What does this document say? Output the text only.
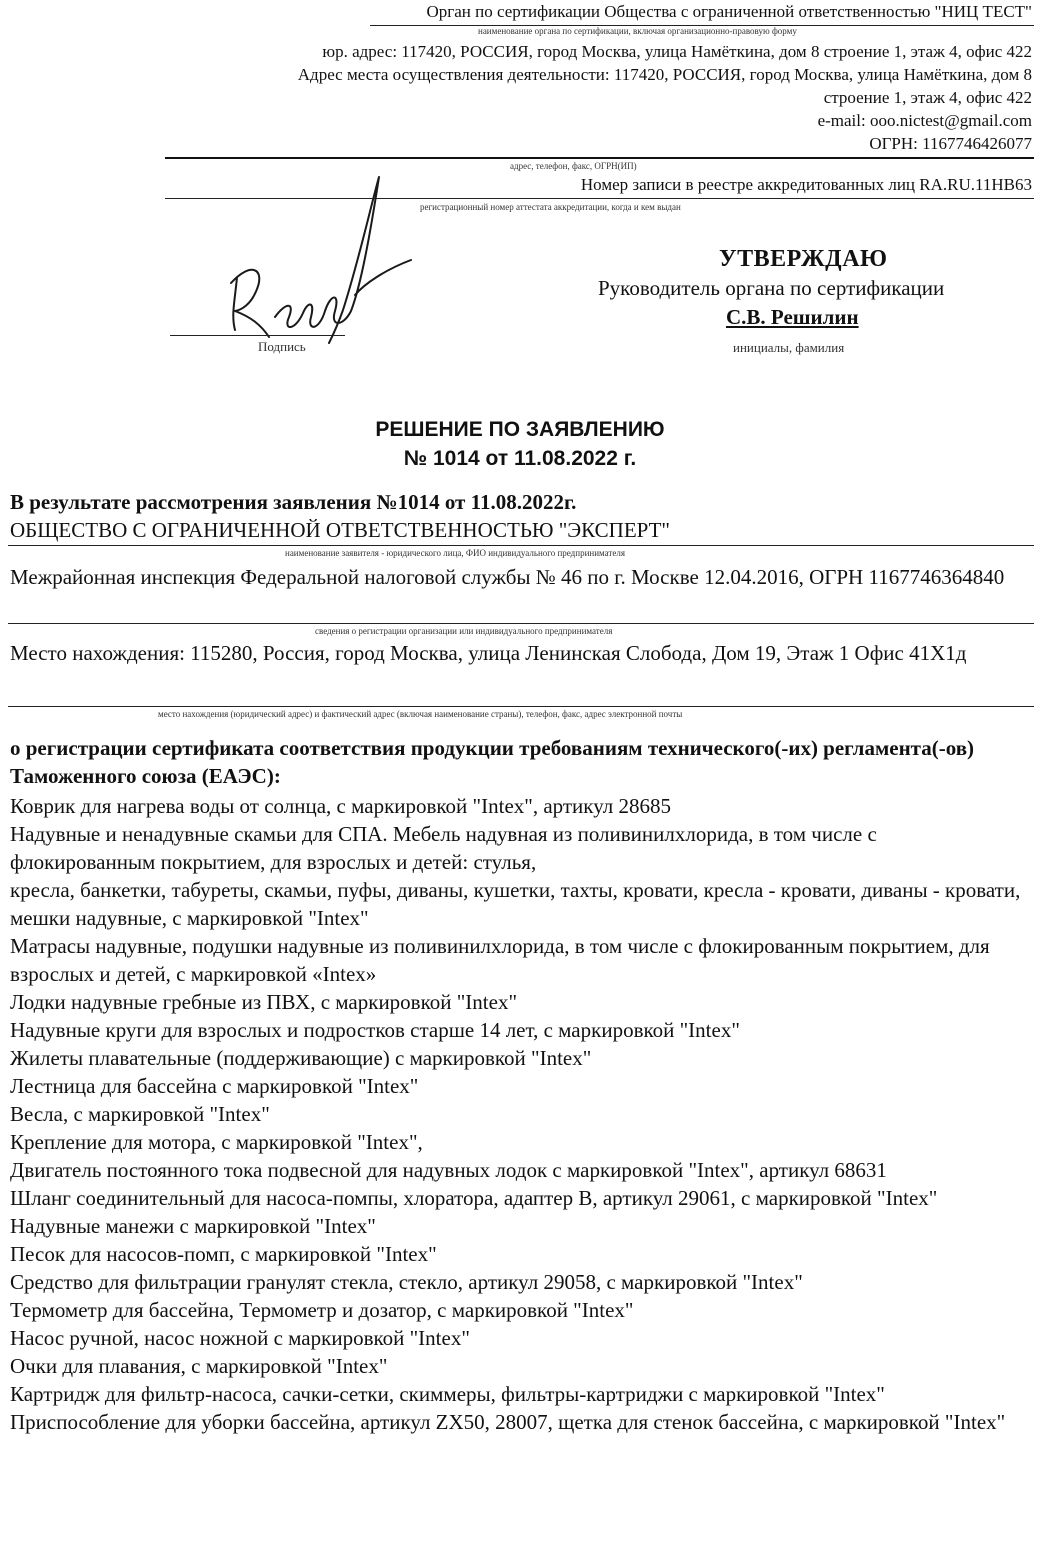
Орган по сертификации Общества с ограниченной ответственностью "НИЦ ТЕСТ"
наименование органа по сертификации, включая организационно-правовую форму
юр. адрес: 117420, РОССИЯ, город Москва, улица Намёткина, дом 8 строение 1, этаж 4, офис 422
Адрес места осуществления деятельности: 117420, РОССИЯ, город Москва, улица Намёткина, дом 8
строение 1, этаж 4, офис 422
e-mail: ooo.nictest@gmail.com
ОГРН: 1167746426077
адрес, телефон, факс, ОГРН(ИП)
Номер записи в реестре аккредитованных лиц RA.RU.11НВ63
регистрационный номер аттестата аккредитации, когда и кем выдан
Подпись
УТВЕРЖДАЮ
Руководитель органа по сертификации
С.В. Решилин
инициалы, фамилия
РЕШЕНИЕ ПО ЗАЯВЛЕНИЮ
№ 1014 от 11.08.2022 г.
В результате рассмотрения заявления №1014 от 11.08.2022г.
ОБЩЕСТВО С ОГРАНИЧЕННОЙ ОТВЕТСТВЕННОСТЬЮ "ЭКСПЕРТ"
наименование заявителя - юридического лица, ФИО индивидуального предпринимателя
Межрайонная инспекция Федеральной налоговой службы № 46 по г. Москве 12.04.2016, ОГРН 1167746364840
сведения о регистрации организации или индивидуального предпринимателя
Место нахождения: 115280, Россия, город Москва, улица Ленинская Слобода, Дом 19, Этаж 1 Офис 41X1д
место нахождения (юридический адрес) и фактический адрес (включая наименование страны), телефон, факс, адрес электронной почты
о регистрации сертификата соответствия продукции требованиям технического(-их) регламента(-ов) Таможенного союза (ЕАЭС):
Коврик для нагрева воды от солнца, с маркировкой "Intex", артикул 28685
Надувные и ненадувные скамьи для СПА. Мебель надувная из поливинилхлорида, в том числе с флокированным покрытием, для взрослых и детей: стулья,
кресла, банкетки, табуреты, скамьи, пуфы, диваны, кушетки, тахты, кровати, кресла - кровати, диваны - кровати, мешки надувные, с маркировкой "Intex"
Матрасы надувные, подушки надувные из поливинилхлорида, в том числе с флокированным покрытием, для взрослых и детей, с маркировкой «Intex»
Лодки надувные гребные из ПВХ, с маркировкой "Intex"
Надувные круги для взрослых и подростков старше 14 лет, с маркировкой "Intex"
Жилеты плавательные (поддерживающие) с маркировкой "Intex"
Лестница для бассейна с маркировкой "Intex"
Весла, с маркировкой "Intex"
Крепление для мотора, с маркировкой "Intex",
Двигатель постоянного тока подвесной для надувных лодок с маркировкой "Intex", артикул 68631
Шланг соединительный для насоса-помпы, хлоратора, адаптер В, артикул 29061, с маркировкой "Intex"
Надувные манежи с маркировкой "Intex"
Песок для насосов-помп, с маркировкой "Intex"
Средство для фильтрации гранулят стекла, стекло, артикул 29058, с маркировкой "Intex"
Термометр для бассейна, Термометр и дозатор, с маркировкой "Intex"
Насос ручной, насос ножной с маркировкой "Intex"
Очки для плавания, с маркировкой "Intex"
Картридж для фильтр-насоса, сачки-сетки, скиммеры, фильтры-картриджи с маркировкой "Intex"
Приспособление для уборки бассейна, артикул ZX50, 28007, щетка для стенок бассейна, с маркировкой "Intex"
